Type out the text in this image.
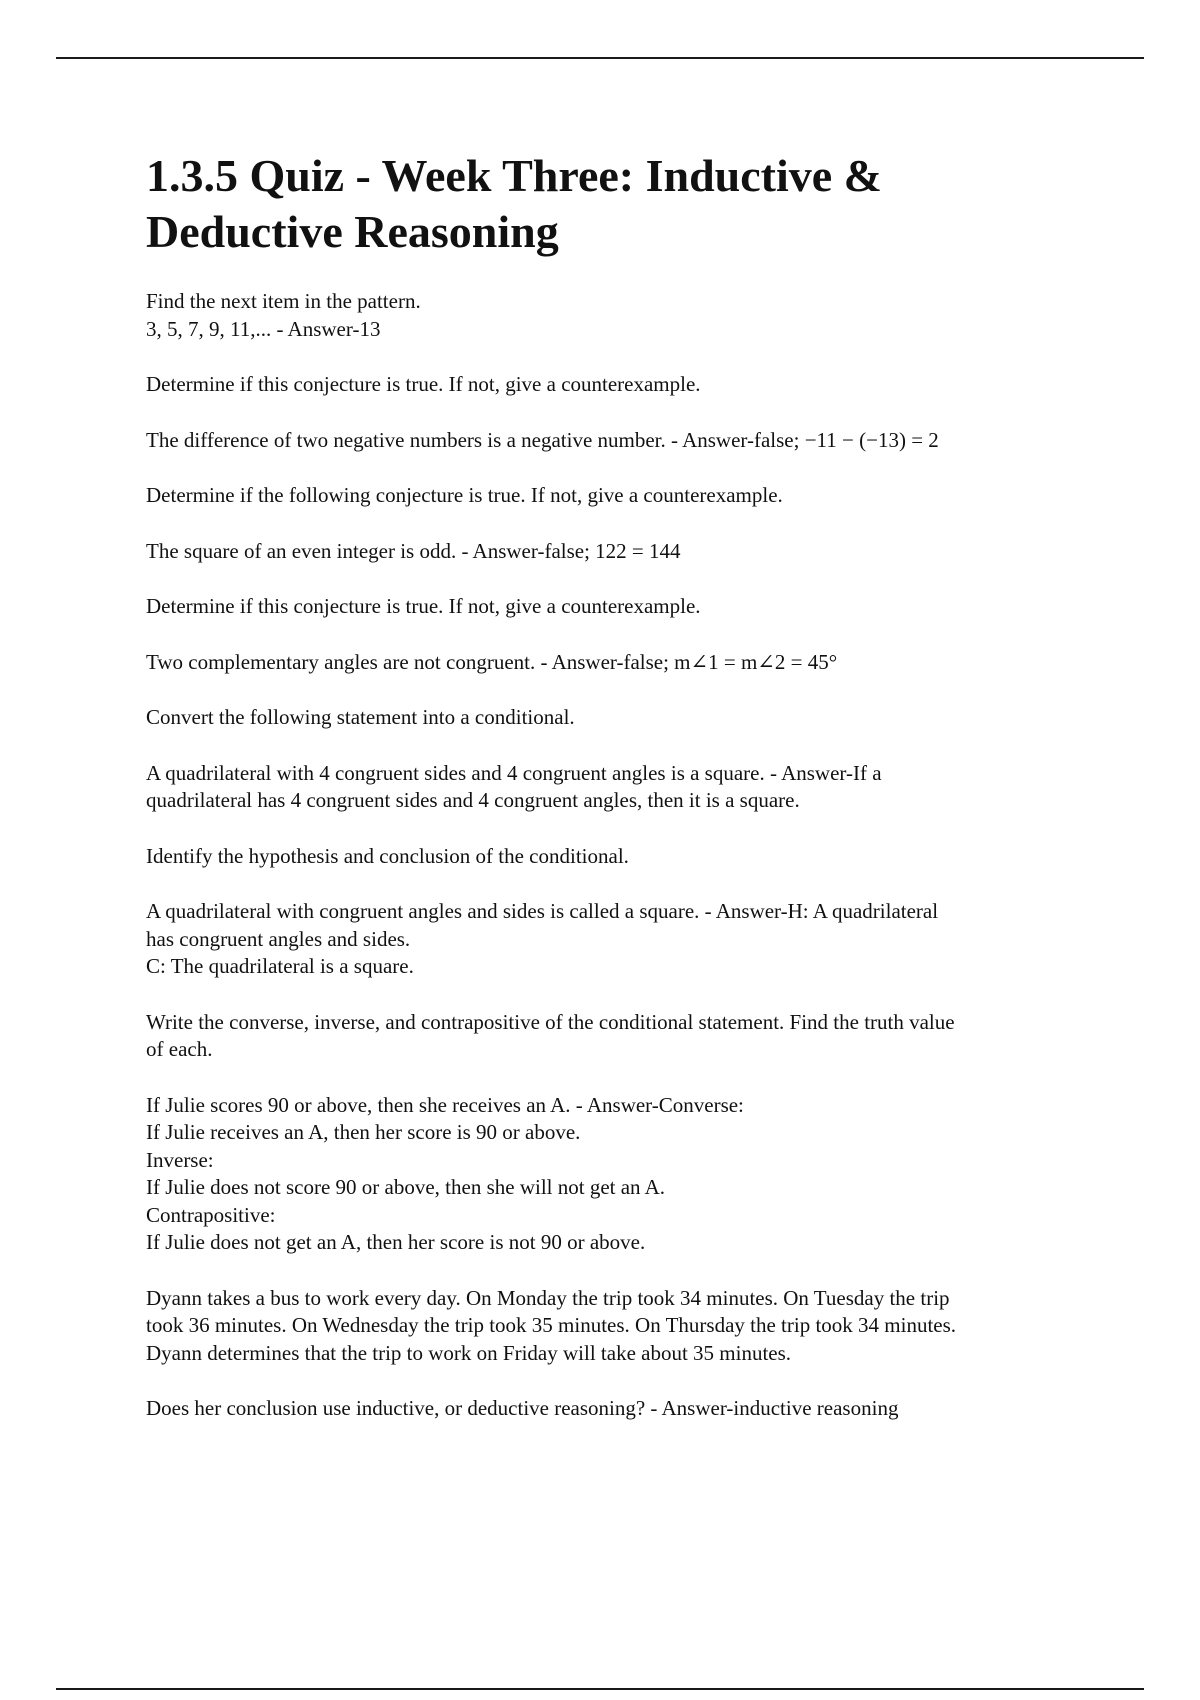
1.3.5 Quiz - Week Three: Inductive & Deductive Reasoning

Find the next item in the pattern.
3, 5, 7, 9, 11,... - Answer-13

Determine if this conjecture is true. If not, give a counterexample.

The difference of two negative numbers is a negative number. - Answer-false; −11 − (−13) = 2

Determine if the following conjecture is true. If not, give a counterexample.

The square of an even integer is odd. - Answer-false; 122 = 144

Determine if this conjecture is true. If not, give a counterexample.

Two complementary angles are not congruent. - Answer-false; m∠1 = m∠2 = 45°

Convert the following statement into a conditional.

A quadrilateral with 4 congruent sides and 4 congruent angles is a square. - Answer-If a
quadrilateral has 4 congruent sides and 4 congruent angles, then it is a square.

Identify the hypothesis and conclusion of the conditional.

A quadrilateral with congruent angles and sides is called a square. - Answer-H: A quadrilateral
has congruent angles and sides.
C: The quadrilateral is a square.

Write the converse, inverse, and contrapositive of the conditional statement. Find the truth value
of each.

If Julie scores 90 or above, then she receives an A. - Answer-Converse:
If Julie receives an A, then her score is 90 or above.
Inverse:
If Julie does not score 90 or above, then she will not get an A.
Contrapositive:
If Julie does not get an A, then her score is not 90 or above.

Dyann takes a bus to work every day. On Monday the trip took 34 minutes. On Tuesday the trip
took 36 minutes. On Wednesday the trip took 35 minutes. On Thursday the trip took 34 minutes.
Dyann determines that the trip to work on Friday will take about 35 minutes.

Does her conclusion use inductive, or deductive reasoning? - Answer-inductive reasoning
